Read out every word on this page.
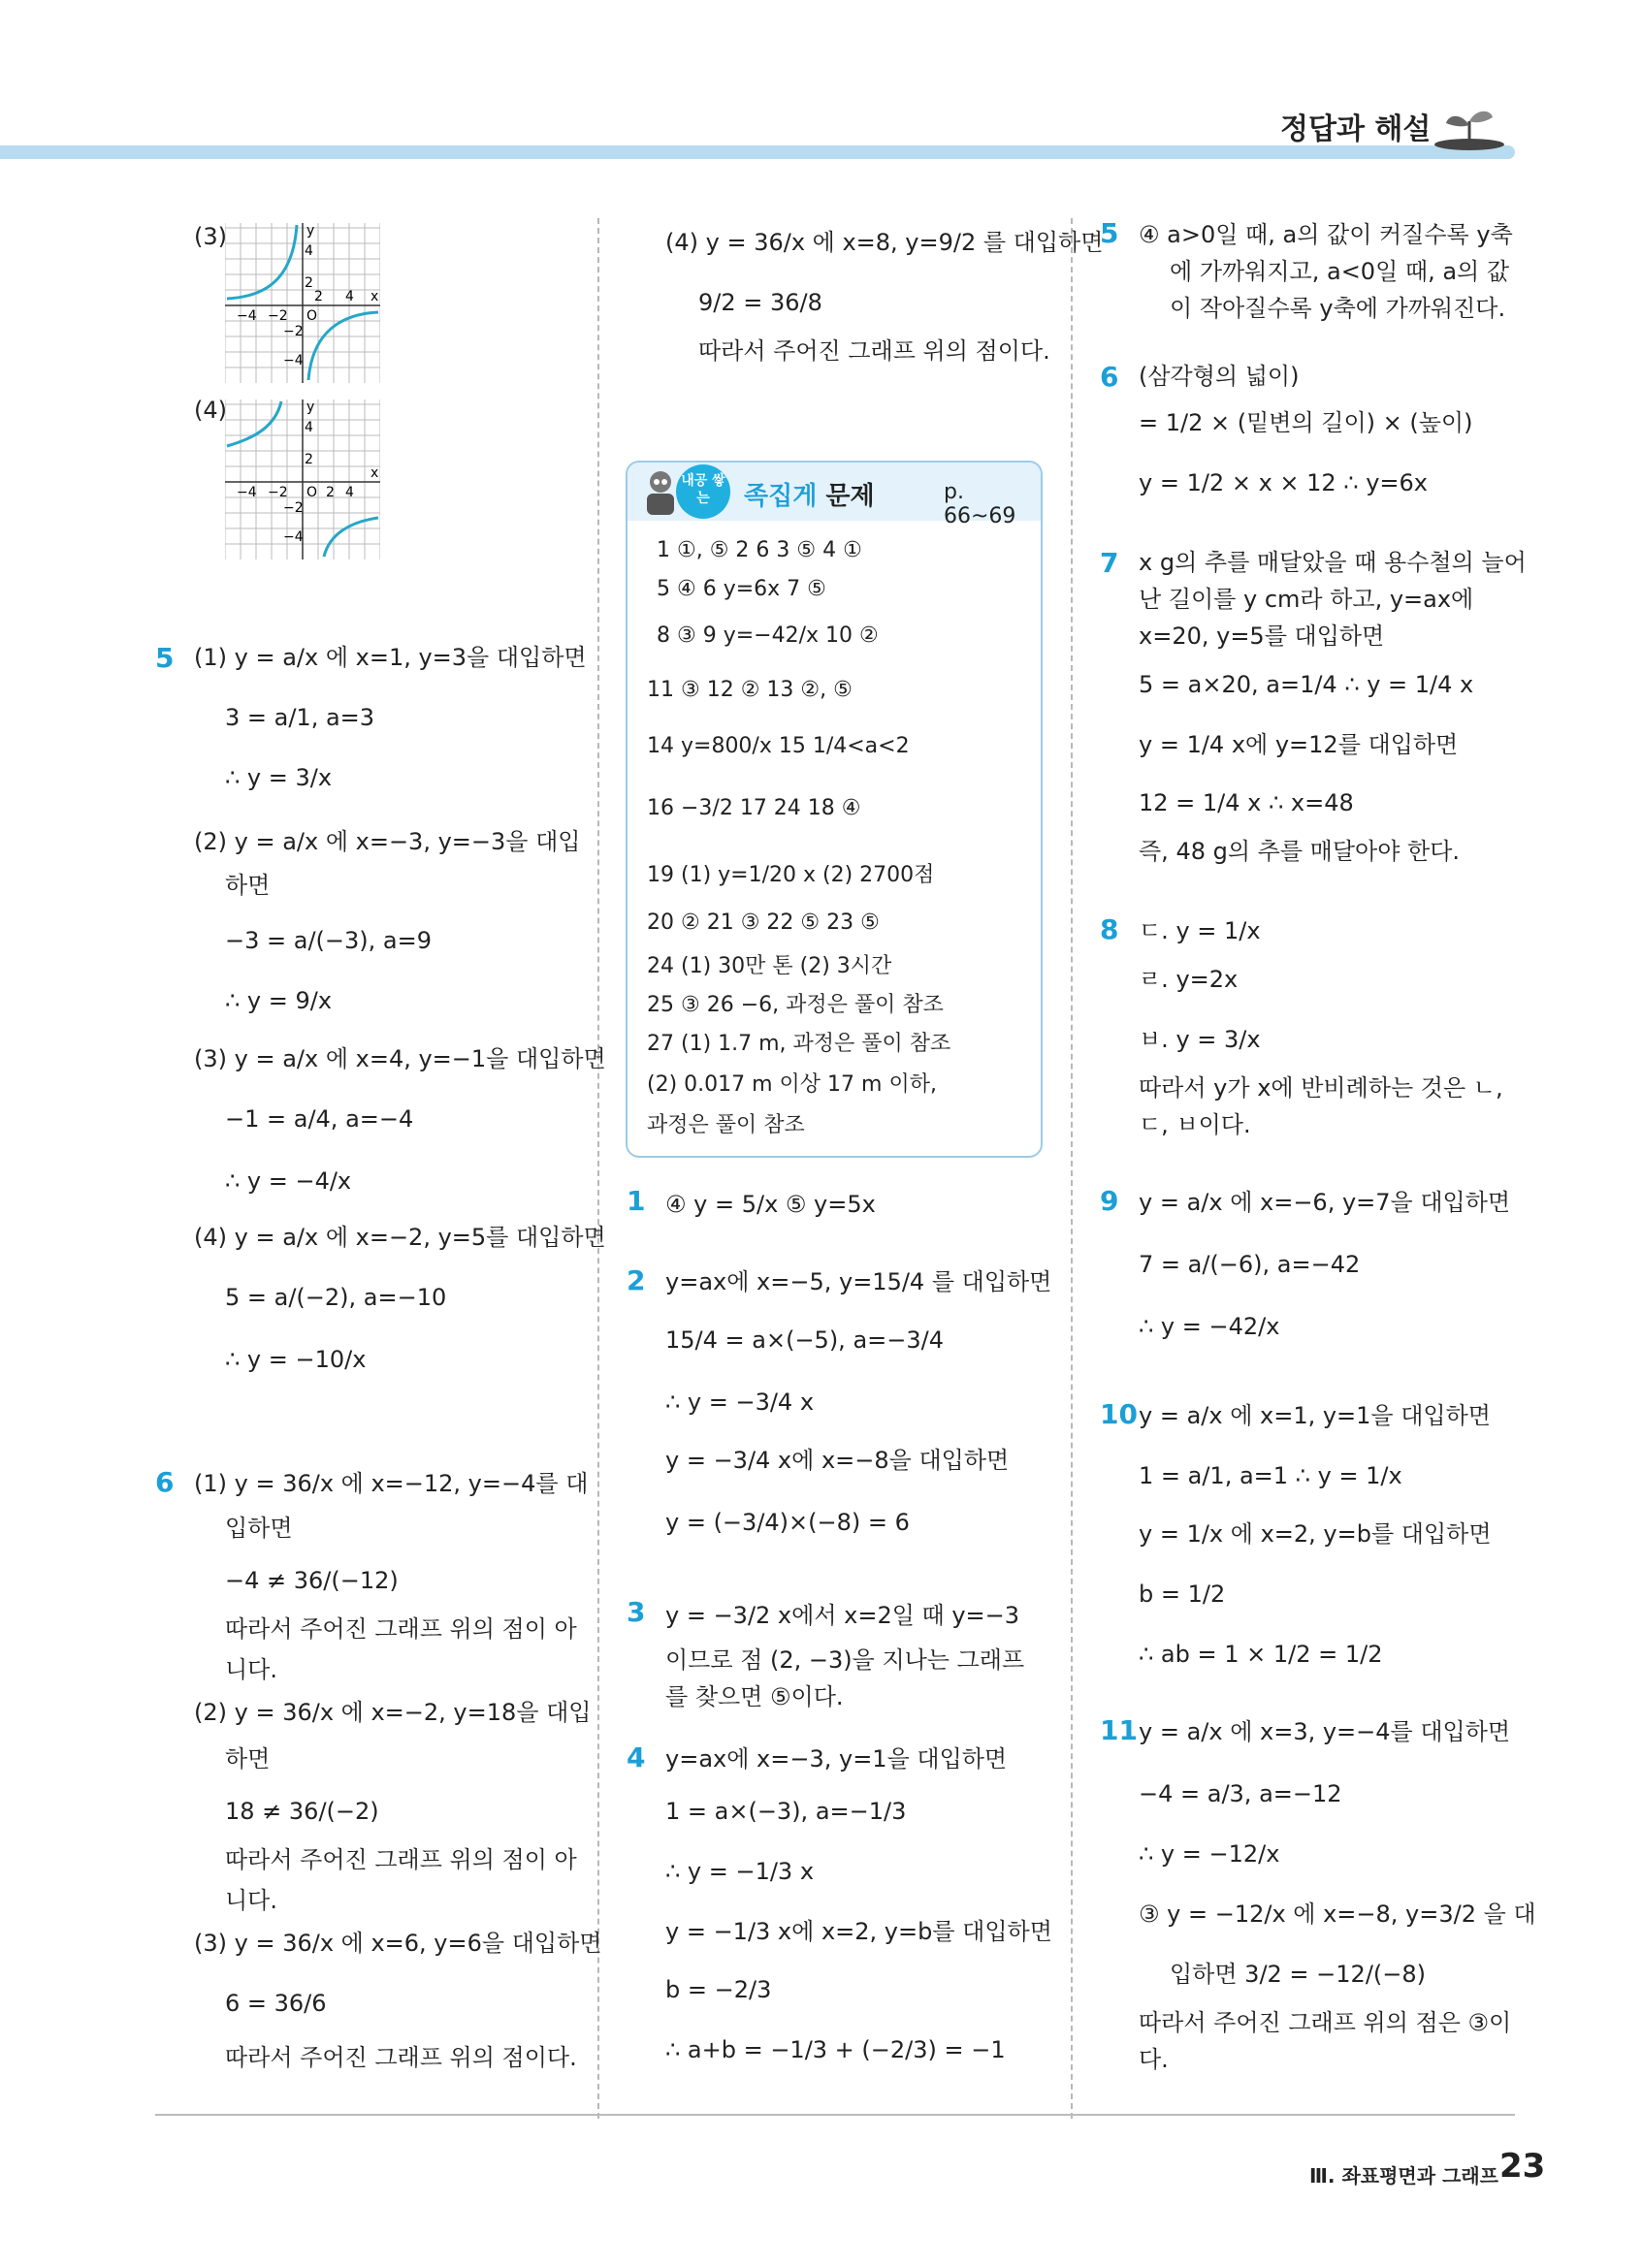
정답과 해설
(3)	y
4
2
2 4 x
−4 −2 O
−2
−4
(4)	y
4
2
2 4
x
−4 −2 O
−2
−4
5 (1) y = a/x 에 x=1, y=3을 대입하면
3 = a/1, a=3
∴ y = 3/x
(2) y = a/x 에 x=−3, y=−3을 대입
하면
−3 = a/(−3), a=9
∴ y = 9/x
(3) y = a/x 에 x=4, y=−1을 대입하면
−1 = a/4, a=−4
∴ y = −4/x
(4) y = a/x 에 x=−2, y=5를 대입하면
5 = a/(−2), a=−10
∴ y = −10/x
6 (1) y = 36/x 에 x=−12, y=−4를 대
입하면
−4 ≠ 36/(−12)
따라서 주어진 그래프 위의 점이 아
니다.
(2) y = 36/x 에 x=−2, y=18을 대입
하면
18 ≠ 36/(−2)
따라서 주어진 그래프 위의 점이 아
니다.
(3) y = 36/x 에 x=6, y=6을 대입하면
6 = 36/6
따라서 주어진 그래프 위의 점이다.
(4) y = 36/x 에 x=8, y=9/2 를 대입하면
9/2 = 36/8
따라서 주어진 그래프 위의 점이다.
내공 쌓는	족집게 문제	p. 66~69
1 ①, ⑤ 2 6 3 ⑤ 4 ①
5 ④ 6 y=6x 7 ⑤
8 ③ 9 y=−42/x 10 ②
11 ③ 12 ② 13 ②, ⑤
14 y=800/x 15 1/4<a<2
16 −3/2 17 24 18 ④
19 (1) y=1/20 x (2) 2700점
20 ② 21 ③ 22 ⑤ 23 ⑤
24 (1) 30만 톤 (2) 3시간
25 ③ 26 −6, 과정은 풀이 참조
27 (1) 1.7 m, 과정은 풀이 참조
(2) 0.017 m 이상 17 m 이하,
과정은 풀이 참조
1 ④ y = 5/x ⑤ y=5x
2 y=ax에 x=−5, y=15/4 를 대입하면
15/4 = a×(−5), a=−3/4
∴ y = −3/4 x
y = −3/4 x에 x=−8을 대입하면
y = (−3/4)×(−8) = 6
3 y = −3/2 x에서 x=2일 때 y=−3
이므로 점 (2, −3)을 지나는 그래프
를 찾으면 ⑤이다.
4 y=ax에 x=−3, y=1을 대입하면
1 = a×(−3), a=−1/3
∴ y = −1/3 x
y = −1/3 x에 x=2, y=b를 대입하면
b = −2/3
∴ a+b = −1/3 + (−2/3) = −1
5 ④ a>0일 때, a의 값이 커질수록 y축
에 가까워지고, a<0일 때, a의 값
이 작아질수록 y축에 가까워진다.
6 (삼각형의 넓이)
= 1/2 × (밑변의 길이) × (높이)
y = 1/2 × x × 12 ∴ y=6x
7 x g의 추를 매달았을 때 용수철의 늘어
난 길이를 y cm라 하고, y=ax에
x=20, y=5를 대입하면
5 = a×20, a=1/4 ∴ y = 1/4 x
y = 1/4 x에 y=12를 대입하면
12 = 1/4 x ∴ x=48
즉, 48 g의 추를 매달아야 한다.
8 ㄷ. y = 1/x
ㄹ. y=2x
ㅂ. y = 3/x
따라서 y가 x에 반비례하는 것은 ㄴ,
ㄷ, ㅂ이다.
9 y = a/x 에 x=−6, y=7을 대입하면
7 = a/(−6), a=−42
∴ y = −42/x
10 y = a/x 에 x=1, y=1을 대입하면
1 = a/1, a=1 ∴ y = 1/x
y = 1/x 에 x=2, y=b를 대입하면
b = 1/2
∴ ab = 1 × 1/2 = 1/2
11 y = a/x 에 x=3, y=−4를 대입하면
−4 = a/3, a=−12
∴ y = −12/x
③ y = −12/x 에 x=−8, y=3/2 을 대
입하면 3/2 = −12/(−8)
따라서 주어진 그래프 위의 점은 ③이
다.
Ⅲ. 좌표평면과 그래프 23
